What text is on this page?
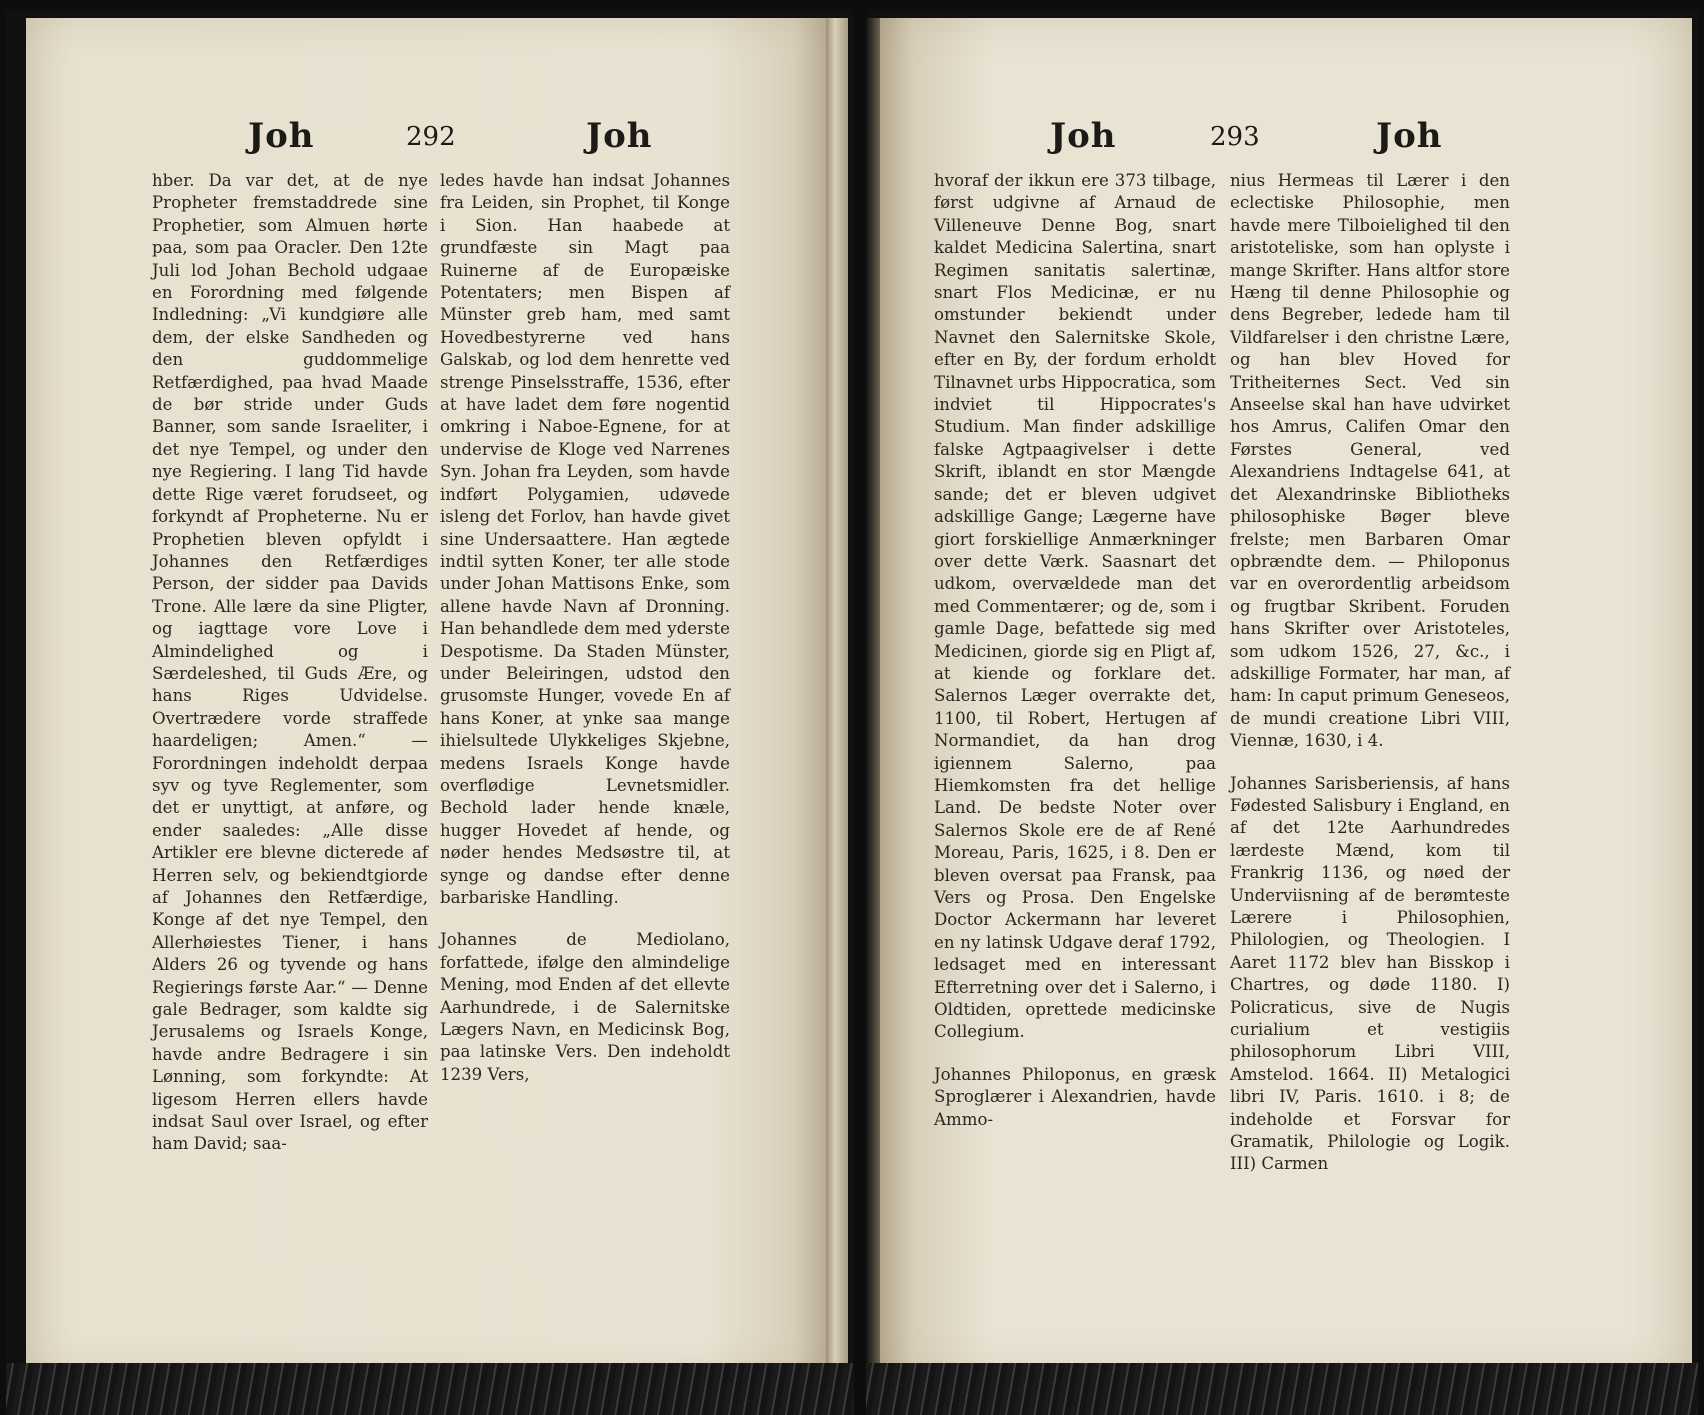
Joh	292	Joh

hber. Da var det, at de nye Propheter fremstaddrede sine Prophetier, som Almuen hørte paa, som paa Oracler. Den 12te Juli lod Johan Bechold udgaae en Forordning med følgende Indledning: „Vi kundgiøre alle dem, der elske Sandheden og den guddommelige Retfærdighed, paa hvad Maade de bør stride under Guds Banner, som sande Israeliter, i det nye Tempel, og under den nye Regiering. I lang Tid havde dette Rige været forudseet, og forkyndt af Propheterne. Nu er Prophetien bleven opfyldt i Johannes den Retfærdiges Person, der sidder paa Davids Trone. Alle lære da sine Pligter, og iagttage vore Love i Almindelighed og i Særdeleshed, til Guds Ære, og hans Riges Udvidelse. Overtrædere vorde straffede haardeligen; Amen.“ — Forordningen indeholdt derpaa syv og tyve Reglementer, som det er unyttigt, at anføre, og ender saaledes: „Alle disse Artikler ere blevne dicterede af Herren selv, og bekiendtgiorde af Johannes den Retfærdige, Konge af det nye Tempel, den Allerhøiestes Tiener, i hans Alders 26 og tyvende og hans Regierings første Aar.“ — Denne gale Bedrager, som kaldte sig Jerusalems og Israels Konge, havde andre Bedragere i sin Lønning, som forkyndte: At ligesom Herren ellers havde indsat Saul over Israel, og efter ham David; saa-

ledes havde han indsat Johannes fra Leiden, sin Prophet, til Konge i Sion. Han haabede at grundfæste sin Magt paa Ruinerne af de Europæiske Potentaters; men Bispen af Münster greb ham, med samt Hovedbestyrerne ved hans Galskab, og lod dem henrette ved strenge Pinselsstraffe, 1536, efter at have ladet dem føre nogentid omkring i Naboe-Egnene, for at undervise de Kloge ved Narrenes Syn. Johan fra Leyden, som havde indført Polygamien, udøvede isleng det Forlov, han havde givet sine Undersaattere. Han ægtede indtil sytten Koner, ter alle stode under Johan Mattisons Enke, som allene havde Navn af Dronning. Han behandlede dem med yderste Despotisme. Da Staden Münster, under Beleiringen, udstod den grusomste Hunger, vovede En af hans Koner, at ynke saa mange ihielsultede Ulykkeliges Skjebne, medens Israels Konge havde overflødige Levnetsmidler. Bechold lader hende knæle, hugger Hovedet af hende, og nøder hendes Medsøstre til, at synge og dandse efter denne barbariske Handling.

Johannes de Mediolano, forfattede, ifølge den almindelige Mening, mod Enden af det ellevte Aarhundrede, i de Salernitske Lægers Navn, en Medicinsk Bog, paa latinske Vers. Den indeholdt 1239 Vers,

Joh	293	Joh

hvoraf der ikkun ere 373 tilbage, først udgivne af Arnaud de Villeneuve Denne Bog, snart kaldet Medicina Salertina, snart Regimen sanitatis salertinæ, snart Flos Medicinæ, er nu omstunder bekiendt under Navnet den Salernitske Skole, efter en By, der fordum erholdt Tilnavnet urbs Hippocratica, som indviet til Hippocrates's Studium. Man finder adskillige falske Agtpaagivelser i dette Skrift, iblandt en stor Mængde sande; det er bleven udgivet adskillige Gange; Lægerne have giort forskiellige Anmærkninger over dette Værk. Saasnart det udkom, overvældede man det med Commentærer; og de, som i gamle Dage, befattede sig med Medicinen, giorde sig en Pligt af, at kiende og forklare det. Salernos Læger overrakte det, 1100, til Robert, Hertugen af Normandiet, da han drog igiennem Salerno, paa Hiemkomsten fra det hellige Land. De bedste Noter over Salernos Skole ere de af René Moreau, Paris, 1625, i 8. Den er bleven oversat paa Fransk, paa Vers og Prosa. Den Engelske Doctor Ackermann har leveret en ny latinsk Udgave deraf 1792, ledsaget med en interessant Efterretning over det i Salerno, i Oldtiden, oprettede medicinske Collegium.

Johannes Philoponus, en græsk Sproglærer i Alexandrien, havde Ammo-

nius Hermeas til Lærer i den eclectiske Philosophie, men havde mere Tilboielighed til den aristoteliske, som han oplyste i mange Skrifter. Hans altfor store Hæng til denne Philosophie og dens Begreber, ledede ham til Vildfarelser i den christne Lære, og han blev Hoved for Tritheiternes Sect. Ved sin Anseelse skal han have udvirket hos Amrus, Califen Omar den Førstes General, ved Alexandriens Indtagelse 641, at det Alexandrinske Bibliotheks philosophiske Bøger bleve frelste; men Barbaren Omar opbrændte dem. — Philoponus var en overordentlig arbeidsom og frugtbar Skribent. Foruden hans Skrifter over Aristoteles, som udkom 1526, 27, &c., i adskillige Formater, har man, af ham: In caput primum Geneseos, de mundi creatione Libri VIII, Viennæ, 1630, i 4.

Johannes Sarisberiensis, af hans Fødested Salisbury i England, en af det 12te Aarhundredes lærdeste Mænd, kom til Frankrig 1136, og nøed der Underviisning af de berømteste Lærere i Philosophien, Philologien, og Theologien. I Aaret 1172 blev han Bisskop i Chartres, og døde 1180. I) Policraticus, sive de Nugis curialium et vestigiis philosophorum Libri VIII, Amstelod. 1664. II) Metalogici libri IV, Paris. 1610. i 8; de indeholde et Forsvar for Gramatik, Philologie og Logik. III) Carmen
